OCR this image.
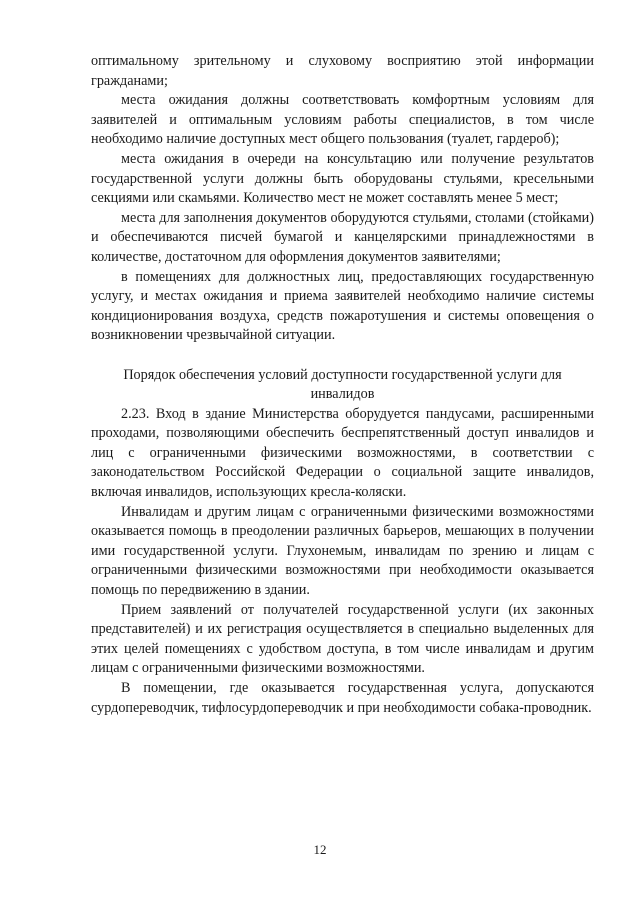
оптимальному зрительному и слуховому восприятию этой информации гражданами;

места ожидания должны соответствовать комфортным условиям для заявителей и оптимальным условиям работы специалистов, в том числе необходимо наличие доступных мест общего пользования (туалет, гардероб);

места ожидания в очереди на консультацию или получение результатов государственной услуги должны быть оборудованы стульями, кресельными секциями или скамьями. Количество мест не может составлять менее 5 мест;

места для заполнения документов оборудуются стульями, столами (стойками) и обеспечиваются писчей бумагой и канцелярскими принадлежностями в количестве, достаточном для оформления документов заявителями;

в помещениях для должностных лиц, предоставляющих государственную услугу, и местах ожидания и приема заявителей необходимо наличие системы кондиционирования воздуха, средств пожаротушения и системы оповещения о возникновении чрезвычайной ситуации.

Порядок обеспечения условий доступности государственной услуги для инвалидов

2.23. Вход в здание Министерства оборудуется пандусами, расширенными проходами, позволяющими обеспечить беспрепятственный доступ инвалидов и лиц с ограниченными физическими возможностями, в соответствии с законодательством Российской Федерации о социальной защите инвалидов, включая инвалидов, использующих кресла-коляски.

Инвалидам и другим лицам с ограниченными физическими возможностями оказывается помощь в преодолении различных барьеров, мешающих в получении ими государственной услуги. Глухонемым, инвалидам по зрению и лицам с ограниченными физическими возможностями при необходимости оказывается помощь по передвижению в здании.

Прием заявлений от получателей государственной услуги (их законных представителей) и их регистрация осуществляется в специально выделенных для этих целей помещениях с удобством доступа, в том числе инвалидам и другим лицам с ограниченными физическими возможностями.

В помещении, где оказывается государственная услуга, допускаются сурдопереводчик, тифлосурдопереводчик и при необходимости собака-проводник.

12
